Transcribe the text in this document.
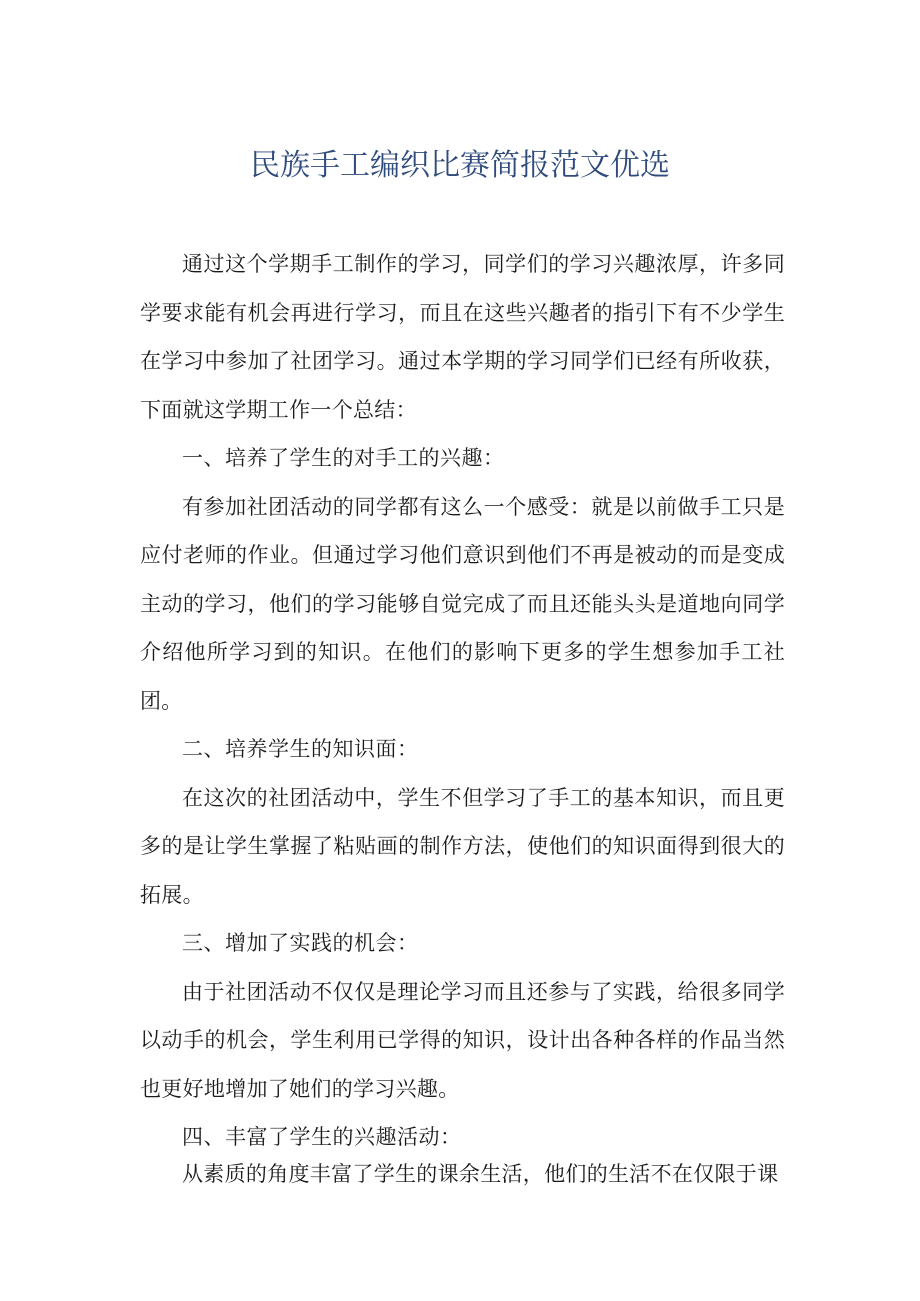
民族手工编织比赛简报范文优选

通过这个学期手工制作的学习，同学们的学习兴趣浓厚，许多同学要求能有机会再进行学习，而且在这些兴趣者的指引下有不少学生在学习中参加了社团学习。通过本学期的学习同学们已经有所收获，下面就这学期工作一个总结：

一、培养了学生的对手工的兴趣：

有参加社团活动的同学都有这么一个感受：就是以前做手工只是应付老师的作业。但通过学习他们意识到他们不再是被动的而是变成主动的学习，他们的学习能够自觉完成了而且还能头头是道地向同学介绍他所学习到的知识。在他们的影响下更多的学生想参加手工社团。

二、培养学生的知识面：

在这次的社团活动中，学生不但学习了手工的基本知识，而且更多的是让学生掌握了粘贴画的制作方法，使他们的知识面得到很大的拓展。

三、增加了实践的机会：

由于社团活动不仅仅是理论学习而且还参与了实践，给很多同学以动手的机会，学生利用已学得的知识，设计出各种各样的作品当然也更好地增加了她们的学习兴趣。

四、丰富了学生的兴趣活动：

从素质的角度丰富了学生的课余生活，他们的生活不在仅限于课
